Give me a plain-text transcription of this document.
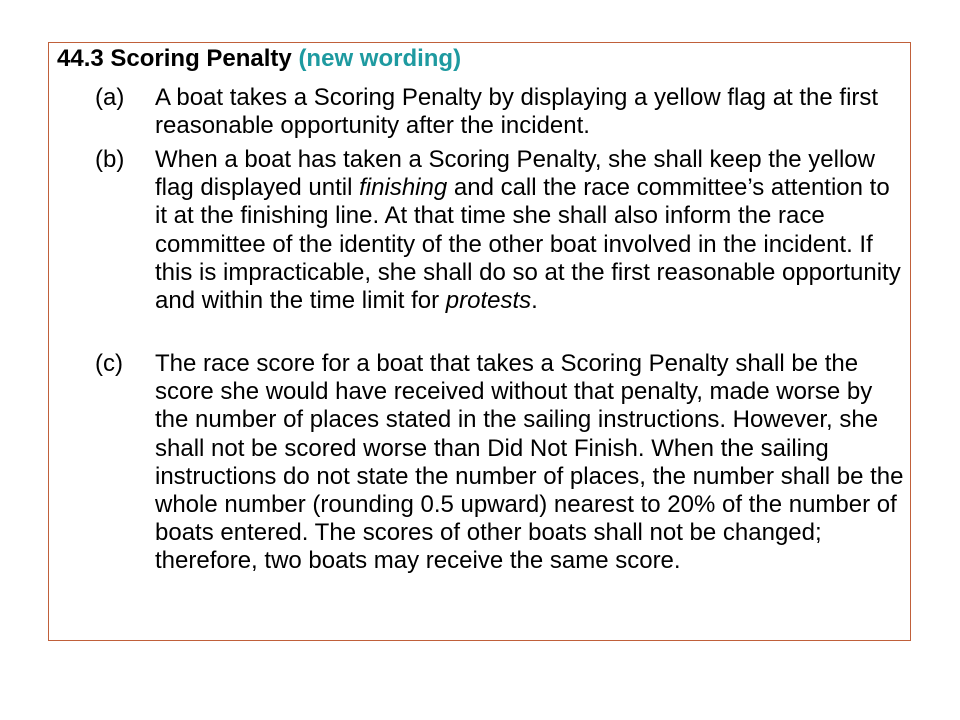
44.3 Scoring Penalty (new wording)
(a)	A boat takes a Scoring Penalty by displaying a yellow flag at the first reasonable opportunity after the incident.
(b)	When a boat has taken a Scoring Penalty, she shall keep the yellow flag displayed until finishing and call the race committee’s attention to it at the finishing line. At that time she shall also inform the race committee of the identity of the other boat involved in the incident. If this is impracticable, she shall do so at the first reasonable opportunity and within the time limit for protests.
(c)	The race score for a boat that takes a Scoring Penalty shall be the score she would have received without that penalty, made worse by the number of places stated in the sailing instructions. However, she shall not be scored worse than Did Not Finish. When the sailing instructions do not state the number of places, the number shall be the whole number (rounding 0.5 upward) nearest to 20% of the number of boats entered. The scores of other boats shall not be changed; therefore, two boats may receive the same score.
